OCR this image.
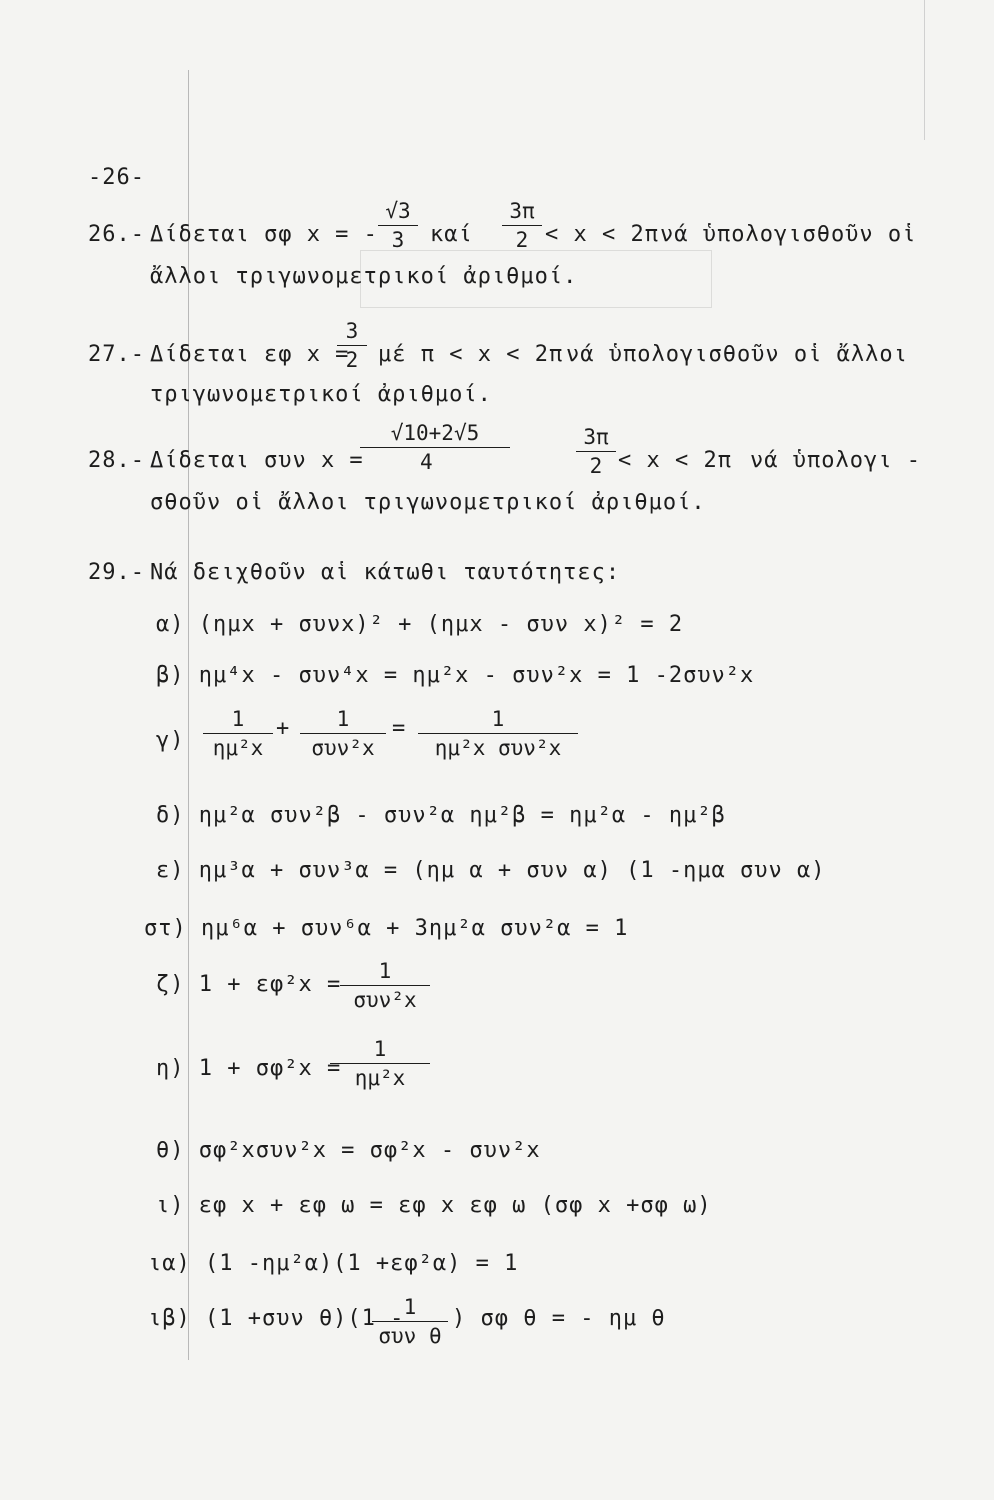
-26-
26.- Δίδεται σφ x = -
√3
3	καί
3π
2 < x < 2π νά ὑπολογισθοῦν οἱ
ἄλλοι τριγωνομετρικοί ἀριθμοί.
27.- Δίδεται εφ x =
3
2 μέ π < x < 2π νά ὑπολογισθοῦν οἱ ἄλλοι
τριγωνομετρικοί ἀριθμοί.
28.- Δίδεται συν x =
√10+2√5
4
3π
2 < x < 2π νά ὑπολογι -
σθοῦν οἱ ἄλλοι τριγωνομετρικοί ἀριθμοί.
29.- Νά δειχθοῦν αἱ κάτωθι ταυτότητες:
α) (ημx + συνx)² + (ημx - συν x)² = 2
β) ημ⁴x - συν⁴x = ημ²x - συν²x = 1 -2συν²x
γ)
1
ημ²x
+	1
συν²x
=	1
ημ²x συν²x
δ) ημ²α συν²β - συν²α ημ²β = ημ²α - ημ²β
ε) ημ³α + συν³α = (ημ α + συν α) (1 -ημα συν α)
στ) ημ⁶α + συν⁶α + 3ημ²α συν²α = 1
ζ) 1 + εφ²x =
1
συν²x
η) 1 + σφ²x =
1
ημ²x
θ) σφ²xσυν²x = σφ²x - συν²x
ι) εφ x + εφ ω = εφ x εφ ω (σφ x +σφ ω)
ια) (1 -ημ²α)(1 +εφ²α) = 1
ιβ) (1 +συν θ)(1 - 1
συν θ
) σφ θ = - ημ θ
